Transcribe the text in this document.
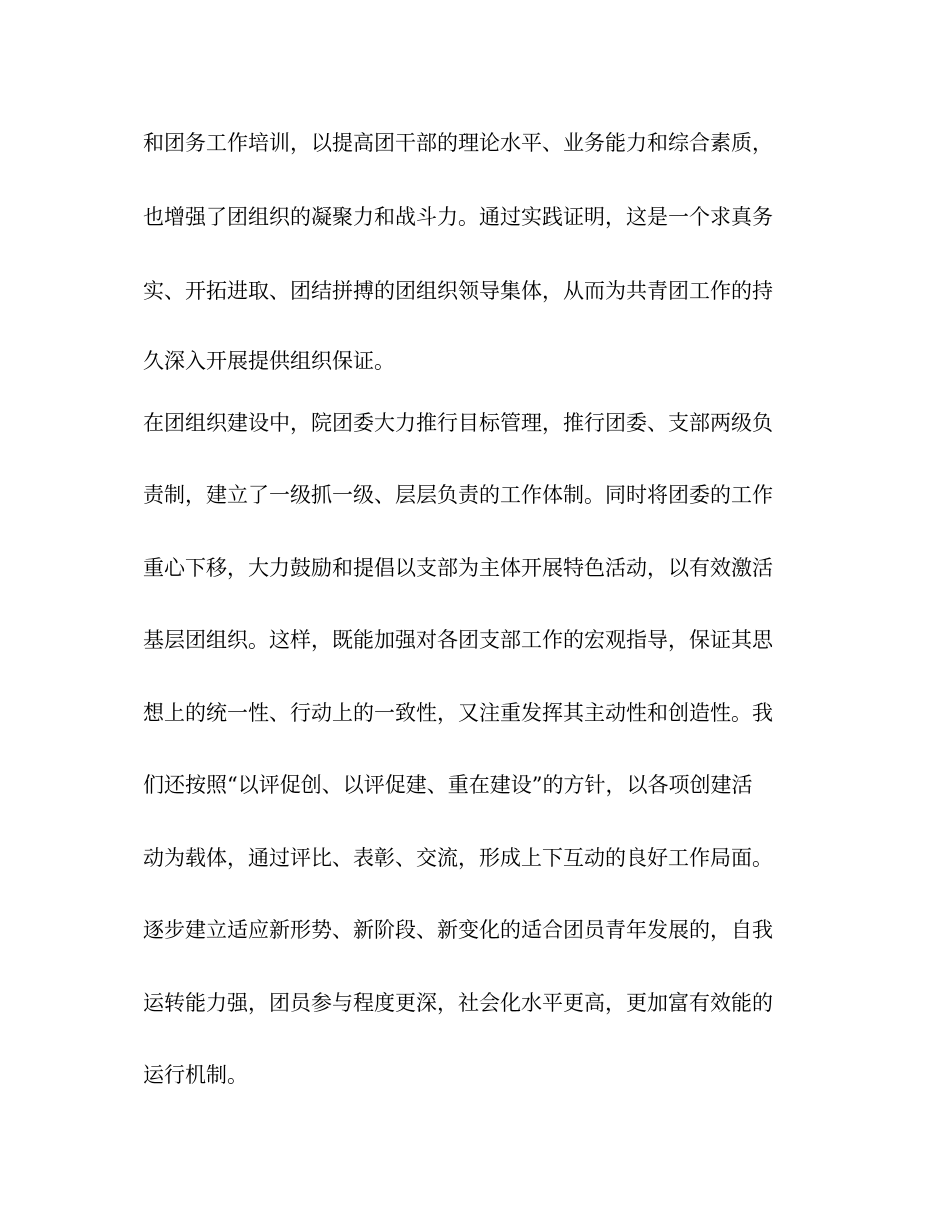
和团务工作培训，以提高团干部的理论水平、业务能力和综合素质，
也增强了团组织的凝聚力和战斗力。通过实践证明，这是一个求真务
实、开拓进取、团结拼搏的团组织领导集体，从而为共青团工作的持
久深入开展提供组织保证。
在团组织建设中，院团委大力推行目标管理，推行团委、支部两级负
责制，建立了一级抓一级、层层负责的工作体制。同时将团委的工作
重心下移，大力鼓励和提倡以支部为主体开展特色活动，以有效激活
基层团组织。这样，既能加强对各团支部工作的宏观指导，保证其思
想上的统一性、行动上的一致性，又注重发挥其主动性和创造性。我
们还按照“以评促创、以评促建、重在建设”的方针，以各项创建活
动为载体，通过评比、表彰、交流，形成上下互动的良好工作局面。
逐步建立适应新形势、新阶段、新变化的适合团员青年发展的，自我
运转能力强，团员参与程度更深，社会化水平更高，更加富有效能的
运行机制。
